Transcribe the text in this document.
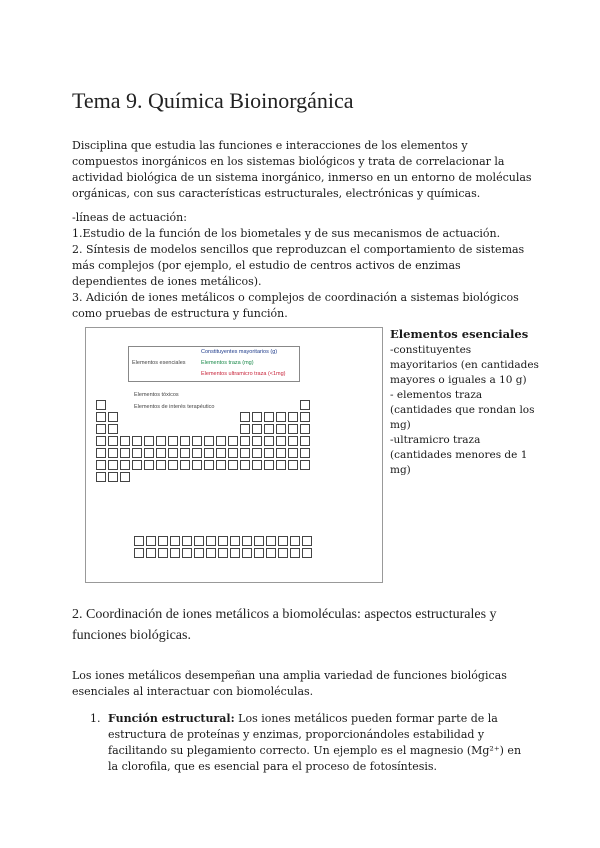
Tema 9. Química Bioinorgánica

Disciplina que estudia las funciones e interacciones de los elementos y compuestos inorgánicos en los sistemas biológicos y trata de correlacionar la actividad biológica de un sistema inorgánico, inmerso en un entorno de moléculas orgánicas, con sus características estructurales, electrónicas y químicas.

-líneas de actuación:
1.Estudio de la función de los biometales y de sus mecanismos de actuación.
2. Síntesis de modelos sencillos que reproduzcan el comportamiento de sistemas más complejos (por ejemplo, el estudio de centros activos de enzimas dependientes de iones metálicos).
3. Adición de iones metálicos o complejos de coordinación a sistemas biológicos como pruebas de estructura y función.
Elementos esenciales
Constituyentes mayoritarios (g)
Elementos traza (mg)
Elementos ultramicro traza (<1mg)
Elementos tóxicos
Elementos de interés terapéutico
Elementos esenciales
-constituyentes mayoritarios (en cantidades mayores o iguales a 10 g)
- elementos traza (cantidades que rondan los mg)
-ultramicro traza (cantidades menores de 1 mg)
2. Coordinación de iones metálicos a biomoléculas: aspectos estructurales y funciones biológicas.

Los iones metálicos desempeñan una amplia variedad de funciones biológicas esenciales al interactuar con biomoléculas.

1. Función estructural: Los iones metálicos pueden formar parte de la estructura de proteínas y enzimas, proporcionándoles estabilidad y facilitando su plegamiento correcto. Un ejemplo es el magnesio (Mg²⁺) en la clorofila, que es esencial para el proceso de fotosíntesis.
